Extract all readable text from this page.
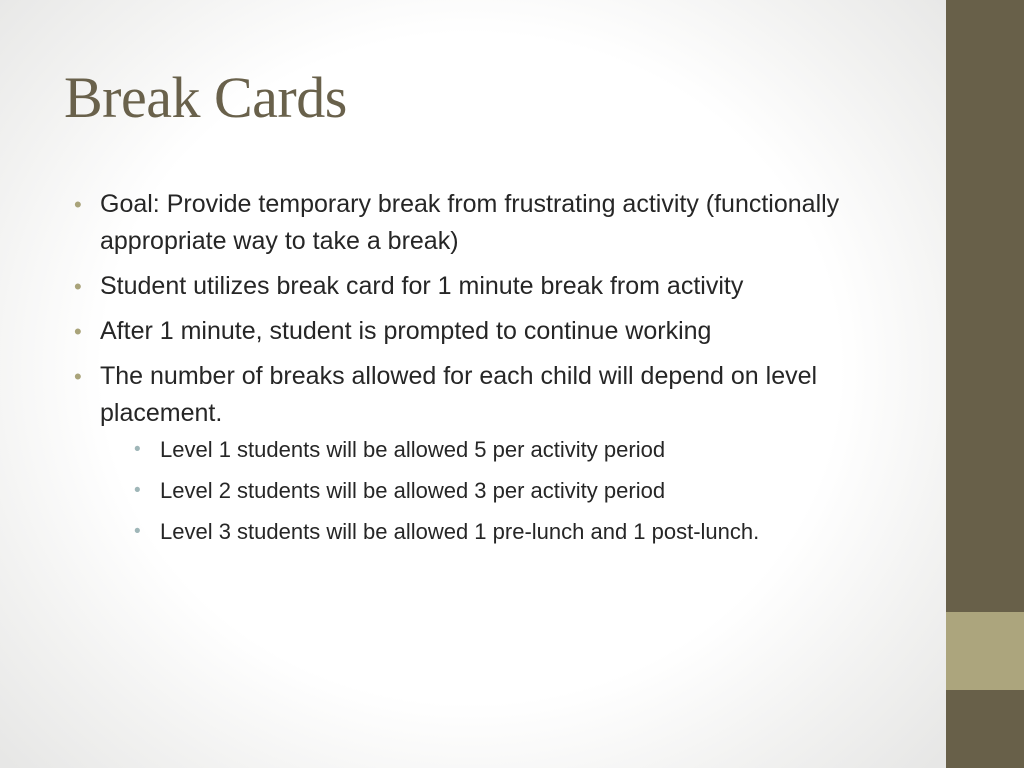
Break Cards
• Goal: Provide temporary break from frustrating activity (functionally appropriate way to take a break)
• Student utilizes break card for 1 minute break from activity
• After 1 minute, student is prompted to continue working
• The number of breaks allowed for each child will depend on level placement.
• Level 1 students will be allowed 5 per activity period
• Level 2 students will be allowed 3 per activity period
• Level 3 students will be allowed 1 pre-lunch and 1 post-lunch.
